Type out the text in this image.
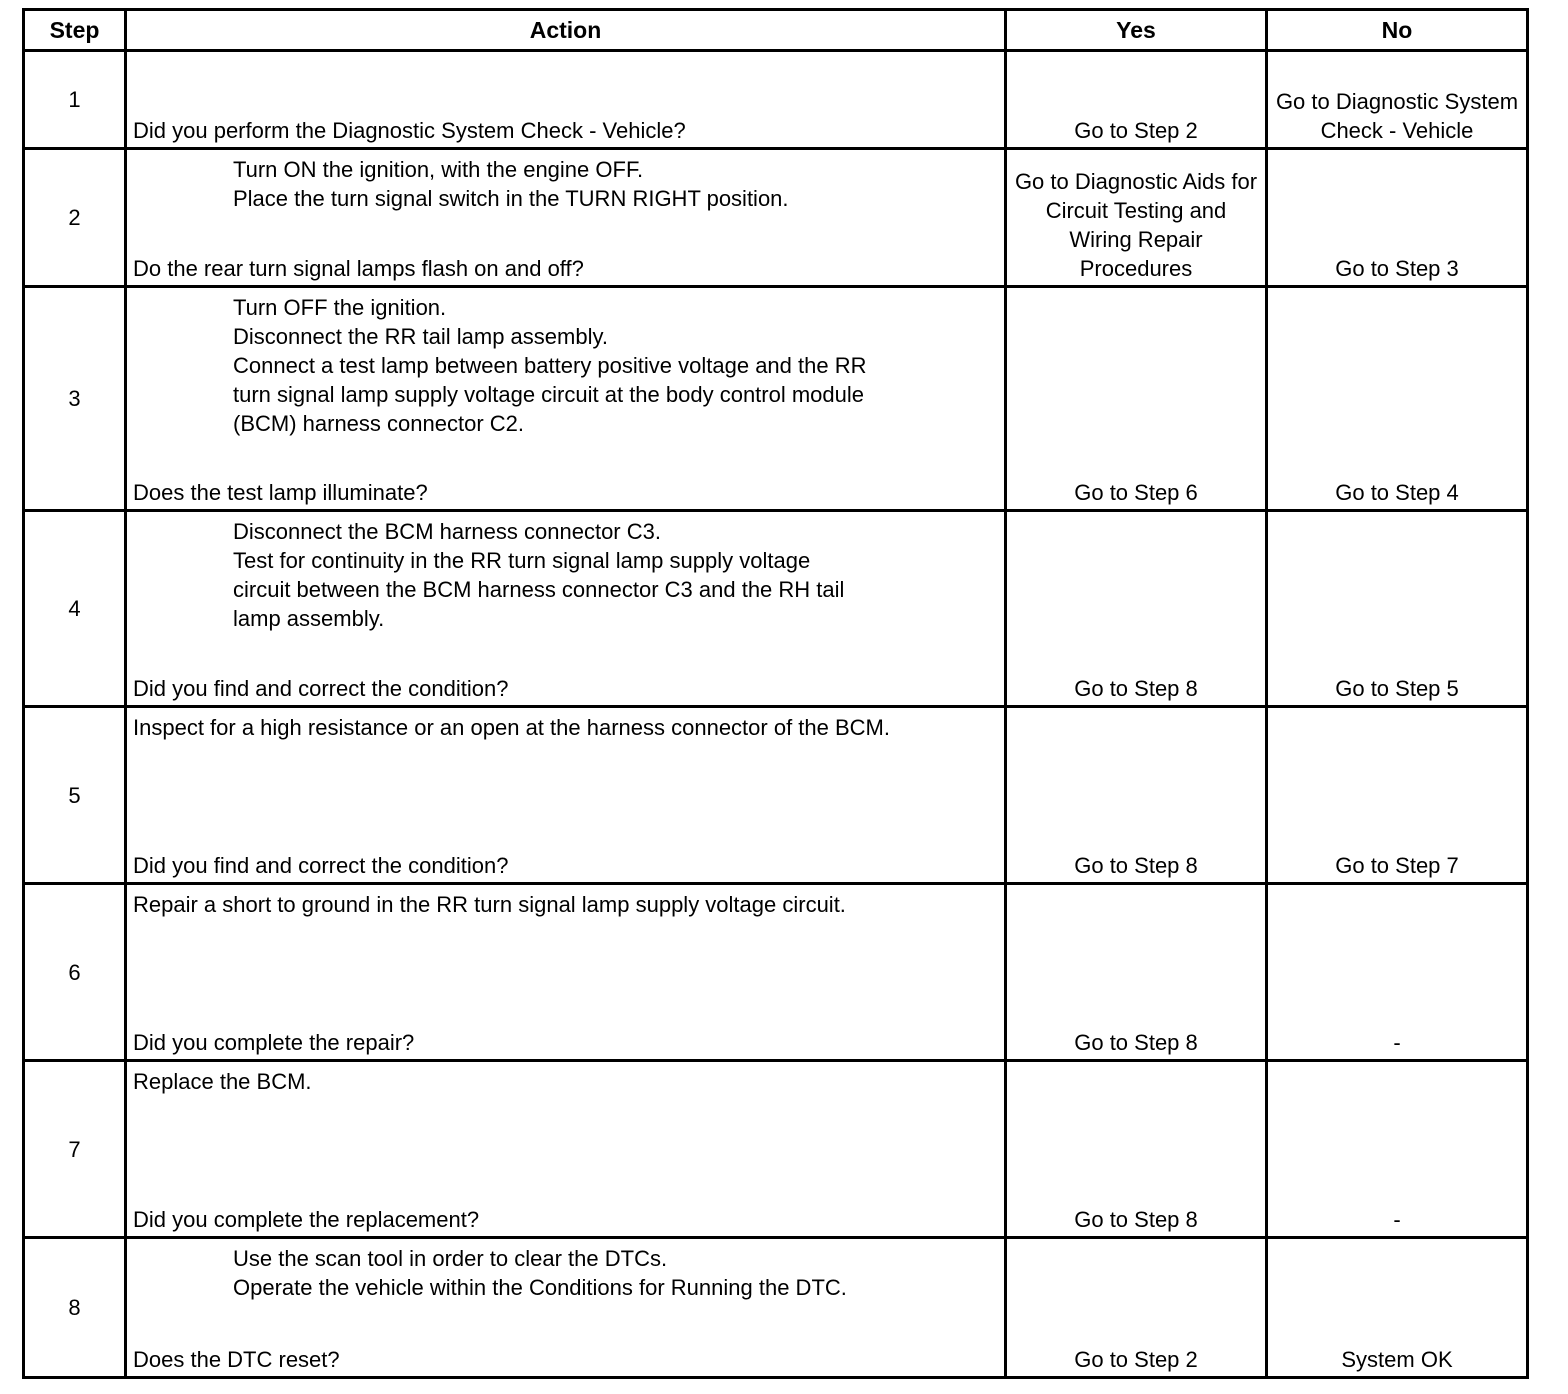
Step	Action	Yes	No
1	Did you perform the Diagnostic System Check - Vehicle?	Go to Step 2	Go to Diagnostic System Check - Vehicle
2	Turn ON the ignition, with the engine OFF.
Place the turn signal switch in the TURN RIGHT position.
Do the rear turn signal lamps flash on and off?	Go to Diagnostic Aids for Circuit Testing and Wiring Repair Procedures	Go to Step 3
3	Turn OFF the ignition.
Disconnect the RR tail lamp assembly.
Connect a test lamp between battery positive voltage and the RR turn signal lamp supply voltage circuit at the body control module (BCM) harness connector C2.
Does the test lamp illuminate?	Go to Step 6	Go to Step 4
4	Disconnect the BCM harness connector C3.
Test for continuity in the RR turn signal lamp supply voltage circuit between the BCM harness connector C3 and the RH tail lamp assembly.
Did you find and correct the condition?	Go to Step 8	Go to Step 5
5	Inspect for a high resistance or an open at the harness connector of the BCM.
Did you find and correct the condition?	Go to Step 8	Go to Step 7
6	Repair a short to ground in the RR turn signal lamp supply voltage circuit.
Did you complete the repair?	Go to Step 8	-
7	Replace the BCM.
Did you complete the replacement?	Go to Step 8	-
8	Use the scan tool in order to clear the DTCs.
Operate the vehicle within the Conditions for Running the DTC.
Does the DTC reset?	Go to Step 2	System OK
